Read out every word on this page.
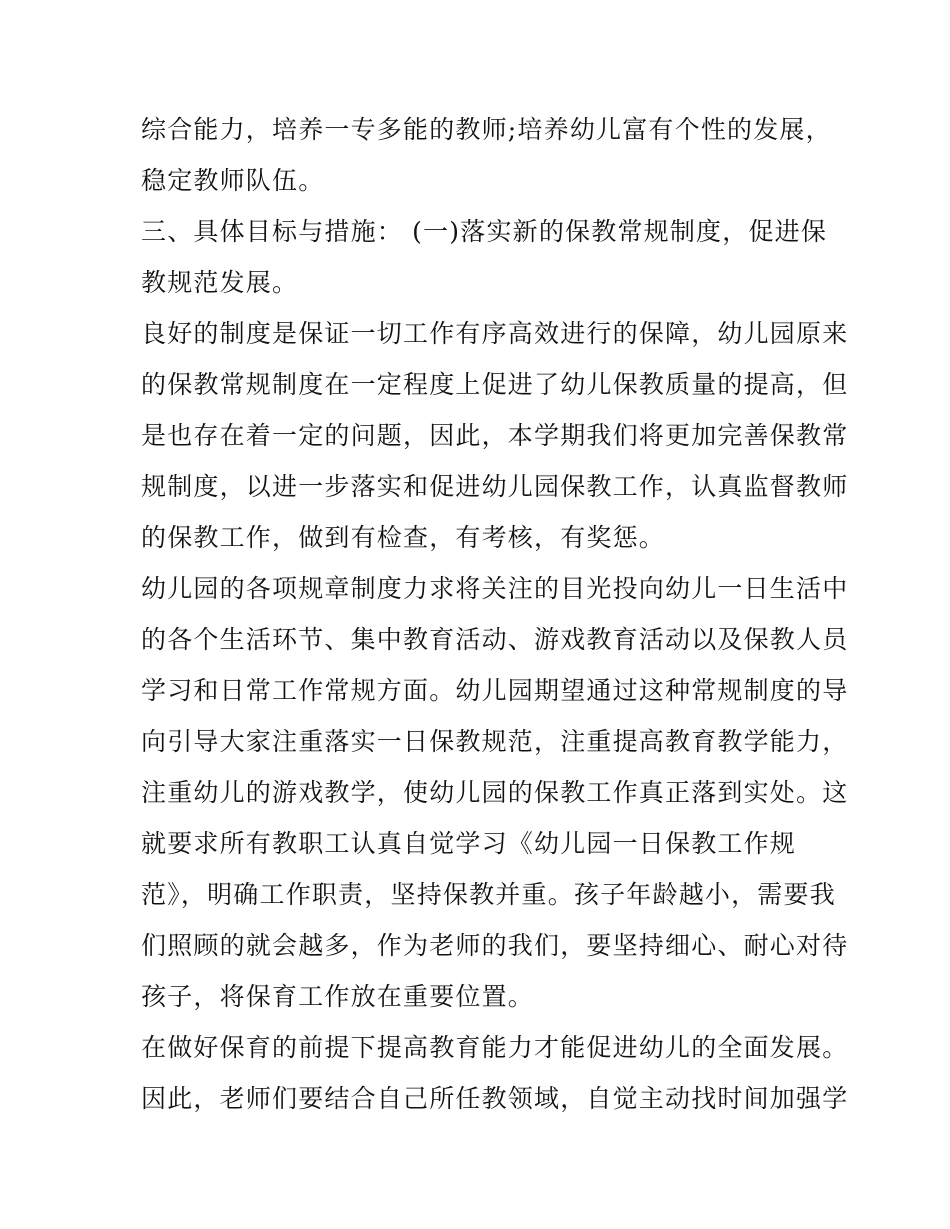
综合能力，培养一专多能的教师;培养幼儿富有个性的发展，
稳定教师队伍。
三、具体目标与措施： (一)落实新的保教常规制度，促进保
教规范发展。
良好的制度是保证一切工作有序高效进行的保障，幼儿园原来
的保教常规制度在一定程度上促进了幼儿保教质量的提高，但
是也存在着一定的问题，因此，本学期我们将更加完善保教常
规制度，以进一步落实和促进幼儿园保教工作，认真监督教师
的保教工作，做到有检查，有考核，有奖惩。
幼儿园的各项规章制度力求将关注的目光投向幼儿一日生活中
的各个生活环节、集中教育活动、游戏教育活动以及保教人员
学习和日常工作常规方面。幼儿园期望通过这种常规制度的导
向引导大家注重落实一日保教规范，注重提高教育教学能力，
注重幼儿的游戏教学，使幼儿园的保教工作真正落到实处。这
就要求所有教职工认真自觉学习《幼儿园一日保教工作规
范》，明确工作职责，坚持保教并重。孩子年龄越小，需要我
们照顾的就会越多，作为老师的我们，要坚持细心、耐心对待
孩子，将保育工作放在重要位置。
在做好保育的前提下提高教育能力才能促进幼儿的全面发展。
因此，老师们要结合自己所任教领域，自觉主动找时间加强学
